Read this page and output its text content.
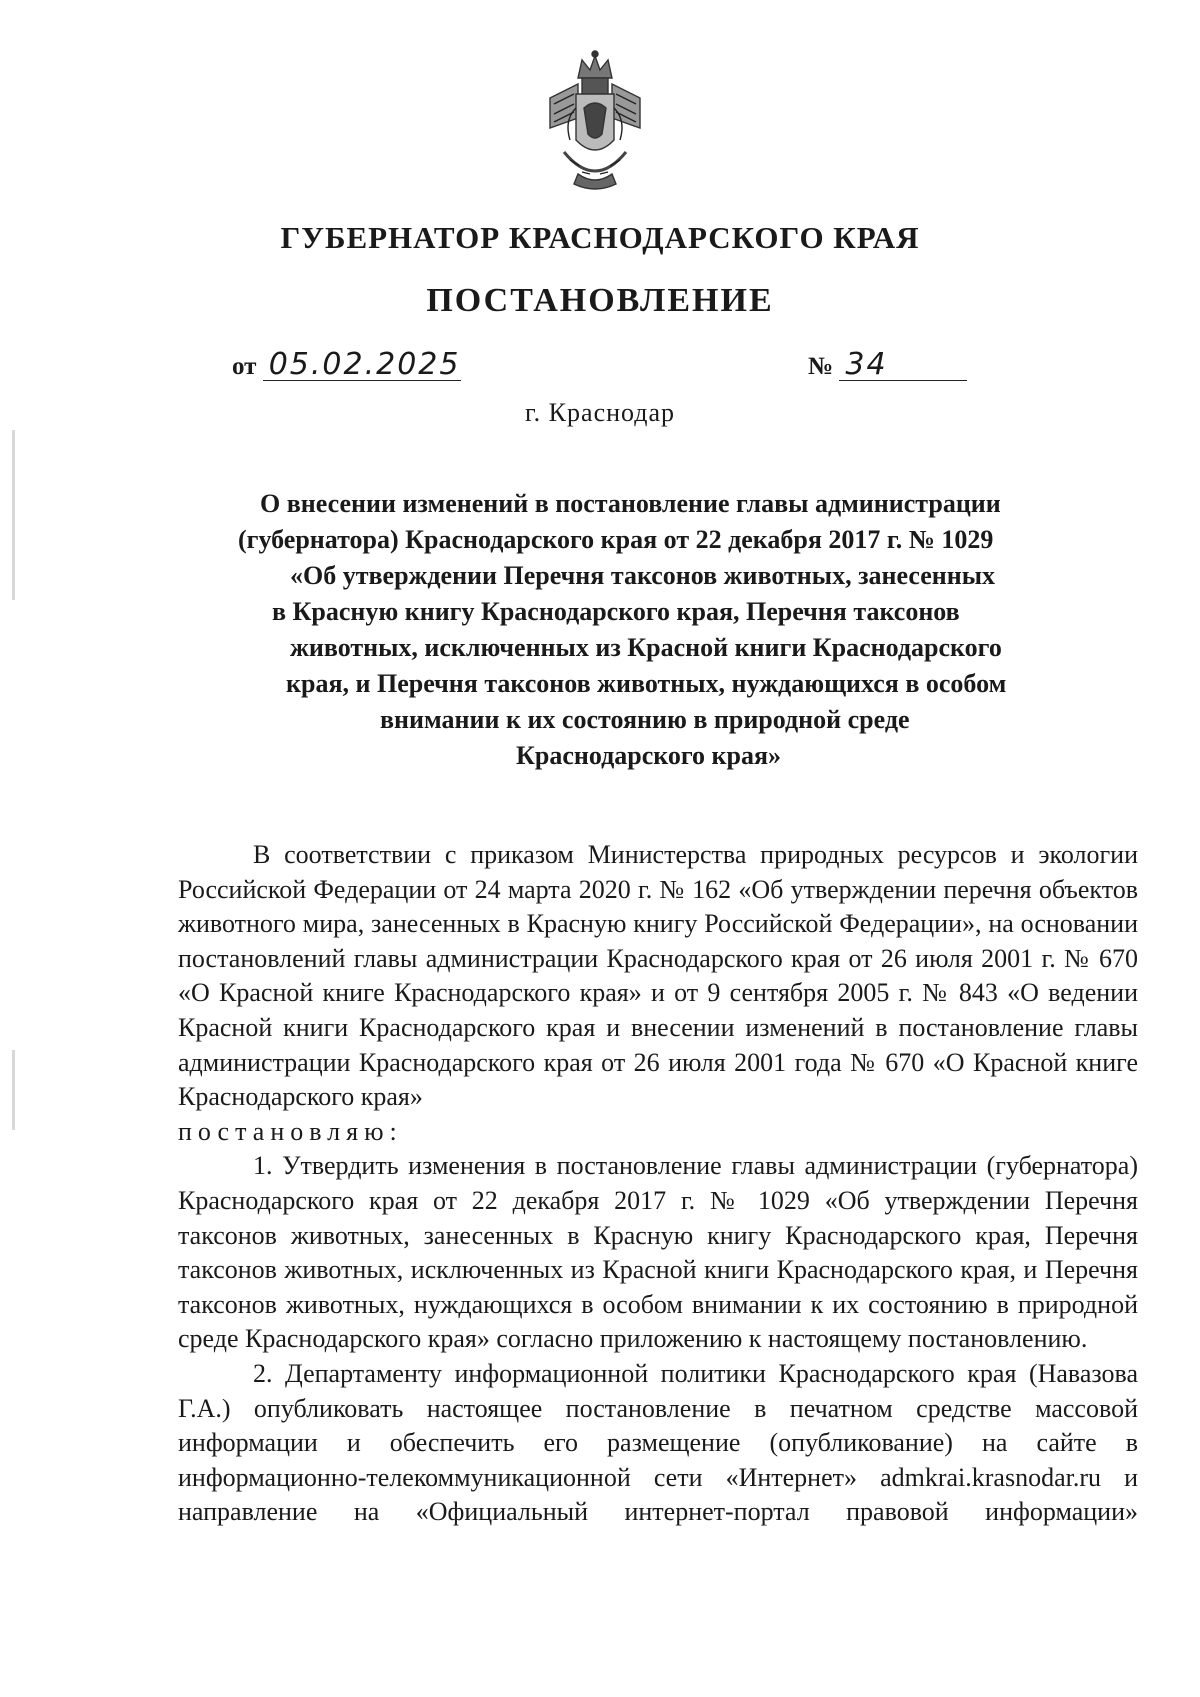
ГУБЕРНАТОР КРАСНОДАРСКОГО КРАЯ
ПОСТАНОВЛЕНИЕ
от 05.02.2025	№ 34
г. Краснодар
О внесении изменений в постановление главы администрации
(губернатора) Краснодарского края от 22 декабря 2017 г. № 1029
«Об утверждении Перечня таксонов животных, занесенных
в Красную книгу Краснодарского края, Перечня таксонов
животных, исключенных из Красной книги Краснодарского
края, и Перечня таксонов животных, нуждающихся в особом
внимании к их состоянию в природной среде
Краснодарского края»

В соответствии с приказом Министерства природных ресурсов и экологии Российской Федерации от 24 марта 2020 г. № 162 «Об утверждении перечня объектов животного мира, занесенных в Красную книгу Российской Федерации», на основании постановлений главы администрации Краснодарского края от 26 июля 2001 г. № 670 «О Красной книге Краснодарского края» и от 9 сентября 2005 г. № 843 «О ведении Красной книги Краснодарского края и внесении изменений в постановление главы администрации Краснодарского края от 26 июля 2001 года № 670 «О Красной книге Краснодарского края»

постановляю:

1. Утвердить изменения в постановление главы администрации (губернатора) Краснодарского края от 22 декабря 2017 г. № 1029 «Об утверждении Перечня таксонов животных, занесенных в Красную книгу Краснодарского края, Перечня таксонов животных, исключенных из Красной книги Краснодарского края, и Перечня таксонов животных, нуждающихся в особом внимании к их состоянию в природной среде Краснодарского края» согласно приложению к настоящему постановлению.

2. Департаменту информационной политики Краснодарского края (Навазова Г.А.) опубликовать настоящее постановление в печатном средстве массовой информации и обеспечить его размещение (опубликование) на сайте в информационно-телекоммуникационной сети «Интернет» admkrai.krasnodar.ru и направление на «Официальный интернет-портал правовой информации»
